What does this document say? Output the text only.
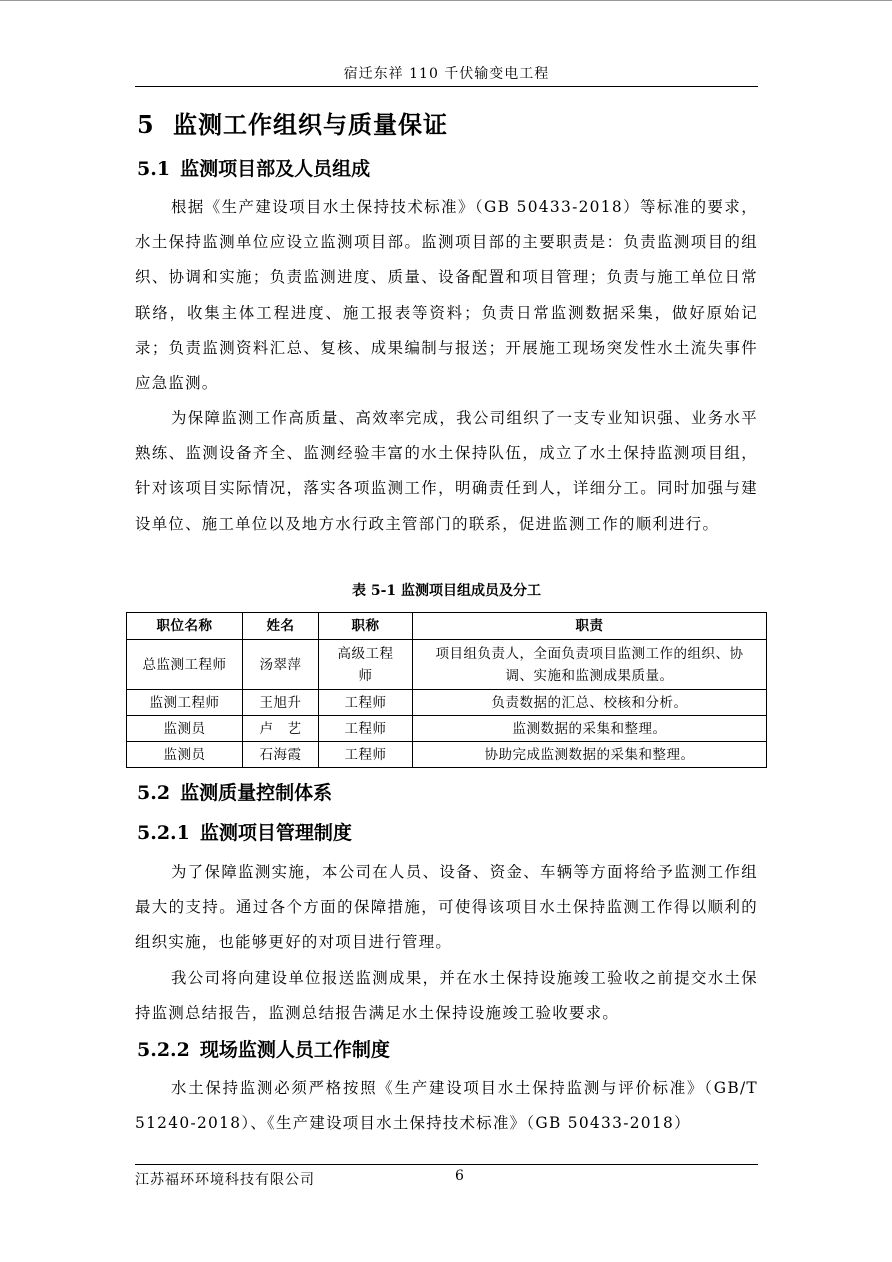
宿迁东祥 110 千伏输变电工程
5 监测工作组织与质量保证
5.1 监测项目部及人员组成

根据《生产建设项目水土保持技术标准》（GB 50433-2018）等标准的要求，水土保持监测单位应设立监测项目部。监测项目部的主要职责是：负责监测项目的组织、协调和实施；负责监测进度、质量、设备配置和项目管理；负责与施工单位日常联络，收集主体工程进度、施工报表等资料；负责日常监测数据采集，做好原始记录；负责监测资料汇总、复核、成果编制与报送；开展施工现场突发性水土流失事件应急监测。

为保障监测工作高质量、高效率完成，我公司组织了一支专业知识强、业务水平熟练、监测设备齐全、监测经验丰富的水土保持队伍，成立了水土保持监测项目组，针对该项目实际情况，落实各项监测工作，明确责任到人，详细分工。同时加强与建设单位、施工单位以及地方水行政主管部门的联系，促进监测工作的顺利进行。

表 5-1 监测项目组成员及分工
职位名称	姓名	职称	职责
总监测工程师	汤翠萍	高级工程师	项目组负责人，全面负责项目监测工作的组织、协调、实施和监测成果质量。
监测工程师	王旭升	工程师	负责数据的汇总、校核和分析。
监测员	卢　艺	工程师	监测数据的采集和整理。
监测员	石海霞	工程师	协助完成监测数据的采集和整理。
5.2 监测质量控制体系
5.2.1 监测项目管理制度

为了保障监测实施，本公司在人员、设备、资金、车辆等方面将给予监测工作组最大的支持。通过各个方面的保障措施，可使得该项目水土保持监测工作得以顺利的组织实施，也能够更好的对项目进行管理。

我公司将向建设单位报送监测成果，并在水土保持设施竣工验收之前提交水土保持监测总结报告，监测总结报告满足水土保持设施竣工验收要求。

5.2.2 现场监测人员工作制度

水土保持监测必须严格按照《生产建设项目水土保持监测与评价标准》（GB/T 51240-2018）、《生产建设项目水土保持技术标准》（GB 50433-2018）

江苏福环环境科技有限公司	6
